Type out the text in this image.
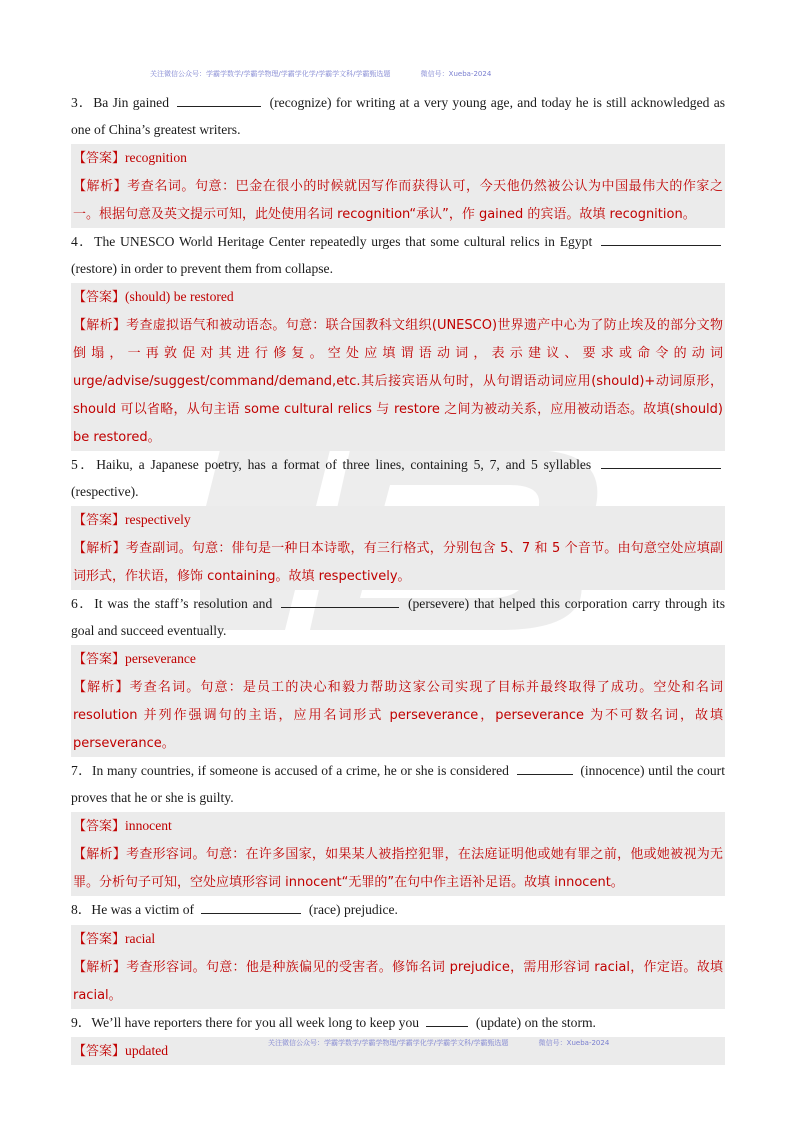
关注微信公众号：学霸学数学/学霸学物理/学霸学化学/学霸学文科/学霸甄选题	微信号：Xueba-2024

3．Ba Jin gained	(recognize) for writing at a very young age, and today he is still acknowledged as one of China’s greatest writers.

【答案】recognition

【解析】考查名词。句意：巴金在很小的时候就因写作而获得认可，今天他仍然被公认为中国最伟大的作家之一。根据句意及英文提示可知，此处使用名词 recognition“承认”，作 gained 的宾语。故填 recognition。

4．The UNESCO World Heritage Center repeatedly urges that some cultural relics in Egypt  (restore) in order to prevent them from collapse.

【答案】(should) be restored

【解析】考查虚拟语气和被动语态。句意：联合国教科文组织(UNESCO)世界遗产中心为了防止埃及的部分文物倒塌，一再敦促对其进行修复。空处应填谓语动词，表示建议、要求或命令的动词 urge/advise/suggest/command/demand,etc.其后接宾语从句时，从句谓语动词应用(should)+动词原形，should 可以省略，从句主语 some cultural relics 与 restore 之间为被动关系，应用被动语态。故填(should) be restored。

5．Haiku, a Japanese poetry, has a format of three lines, containing 5, 7, and 5 syllables  (respective).

【答案】respectively

【解析】考查副词。句意：俳句是一种日本诗歌，有三行格式，分别包含 5、7 和 5 个音节。由句意空处应填副词形式，作状语，修饰 containing。故填 respectively。

6．It was the staff’s resolution and	(persevere) that helped this corporation carry through its goal and succeed eventually.

【答案】perseverance

【解析】考查名词。句意：是员工的决心和毅力帮助这家公司实现了目标并最终取得了成功。空处和名词 resolution 并列作强调句的主语，应用名词形式 perseverance，perseverance 为不可数名词，故填 perseverance。

7．In many countries, if someone is accused of a crime, he or she is considered	(innocence) until the court proves that he or she is guilty.

【答案】innocent

【解析】考查形容词。句意：在许多国家，如果某人被指控犯罪，在法庭证明他或她有罪之前，他或她被视为无罪。分析句子可知，空处应填形容词 innocent“无罪的”在句中作主语补足语。故填 innocent。

8．He was a victim of	(race) prejudice.

【答案】racial

【解析】考查形容词。句意：他是种族偏见的受害者。修饰名词 prejudice，需用形容词 racial，作定语。故填 racial。

9．We’ll have reporters there for you all week long to keep you	(update) on the storm.

【答案】updated	关注微信公众号：学霸学数学/学霸学物理/学霸学化学/学霸学文科/学霸甄选题	微信号：Xueba-2024
